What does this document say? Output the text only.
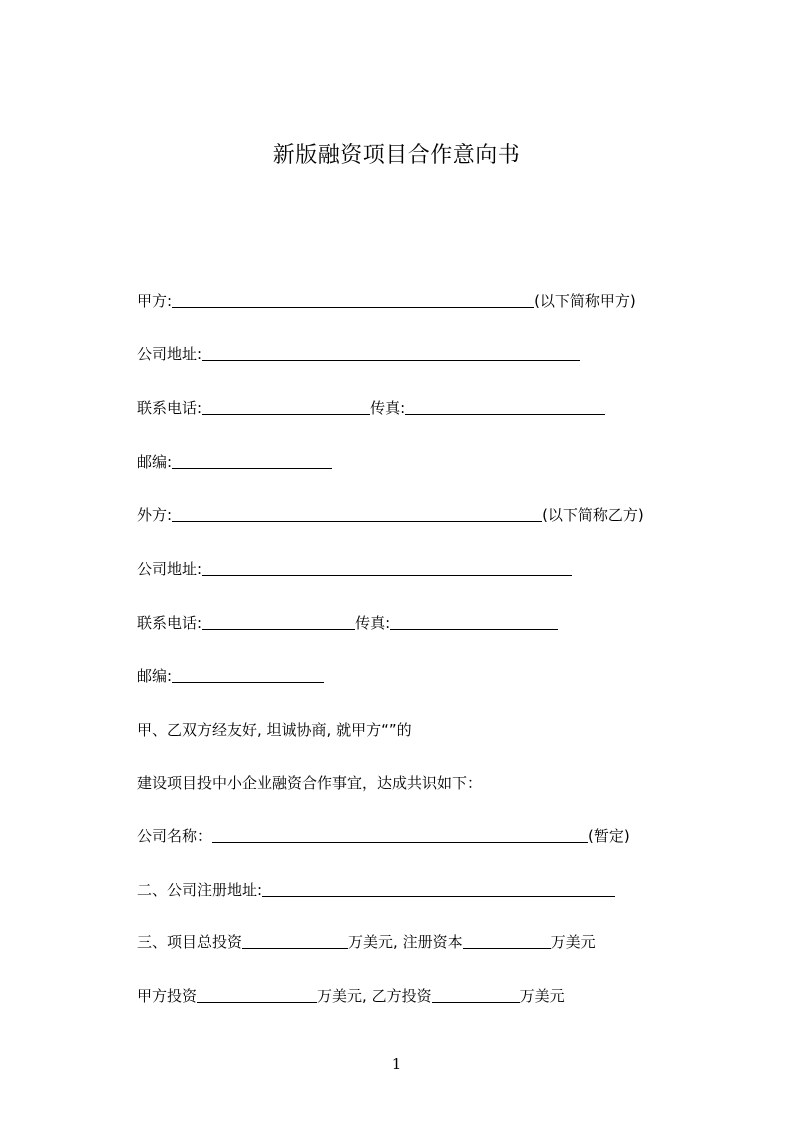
新版融资项目合作意向书
甲方:	(以下简称甲方)
公司地址:
联系电话:	传真:
邮编:
外方:	(以下简称乙方)
公司地址:
联系电话:	传真:
邮编:
甲、乙双方经友好, 坦诚协商, 就甲方“”的
建设项目投中小企业融资合作事宜，达成共识如下：
公司名称：	(暂定)
二、公司注册地址:
三、项目总投资	万美元, 注册资本	万美元
甲方投资	万美元, 乙方投资	万美元
1
